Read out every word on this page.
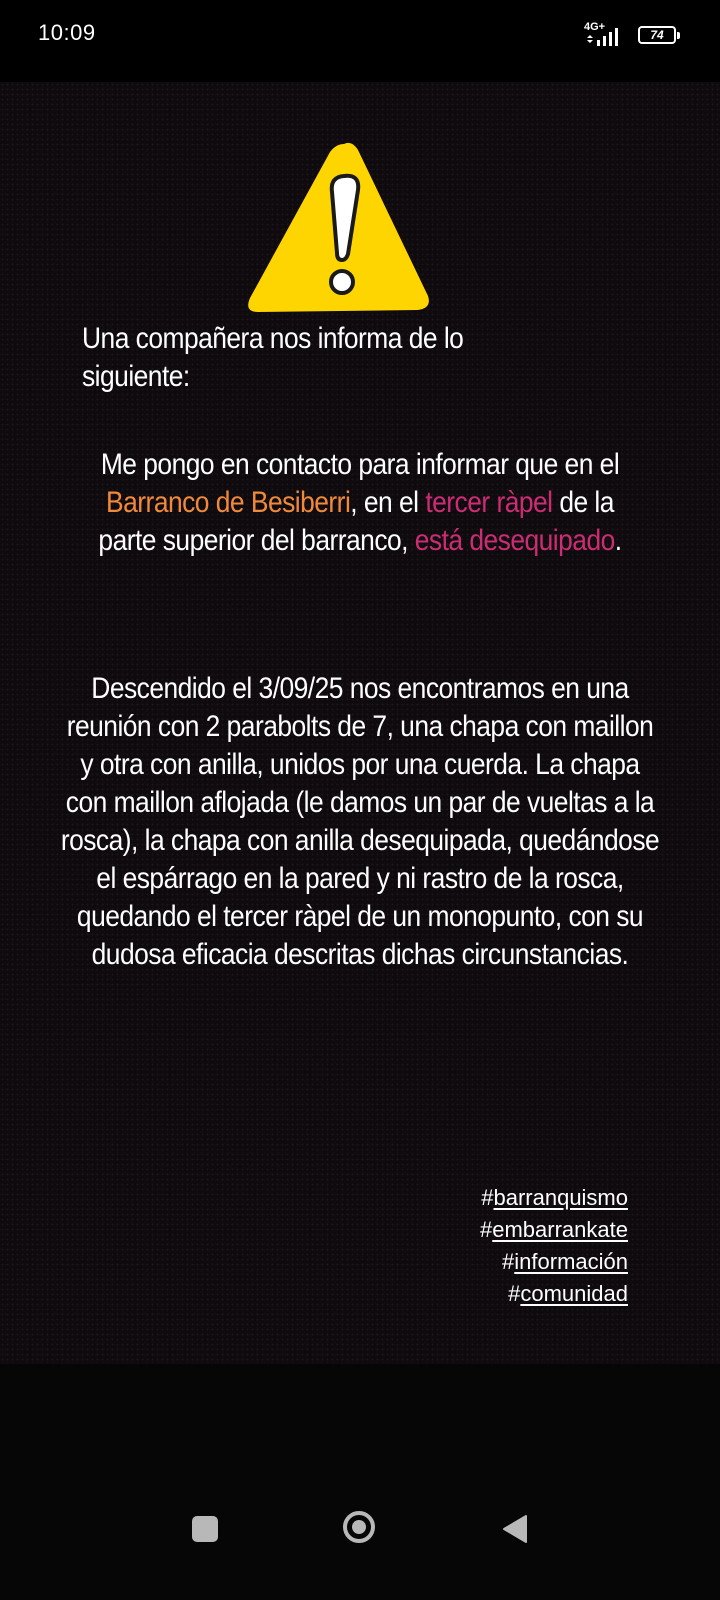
10:09	4G+
74
Una compañera nos informa de lo siguiente:
Me pongo en contacto para informar que en el Barranco de Besiberri, en el tercer ràpel de la parte superior del barranco, está desequipado.
Descendido el 3/09/25 nos encontramos en una reunión con 2 parabolts de 7, una chapa con maillon y otra con anilla, unidos por una cuerda. La chapa con maillon aflojada (le damos un par de vueltas a la rosca), la chapa con anilla desequipada, quedándose el espárrago en la pared y ni rastro de la rosca, quedando el tercer ràpel de un monopunto, con su dudosa eficacia descritas dichas circunstancias.
#barranquismo
#embarrankate
#información
#comunidad
